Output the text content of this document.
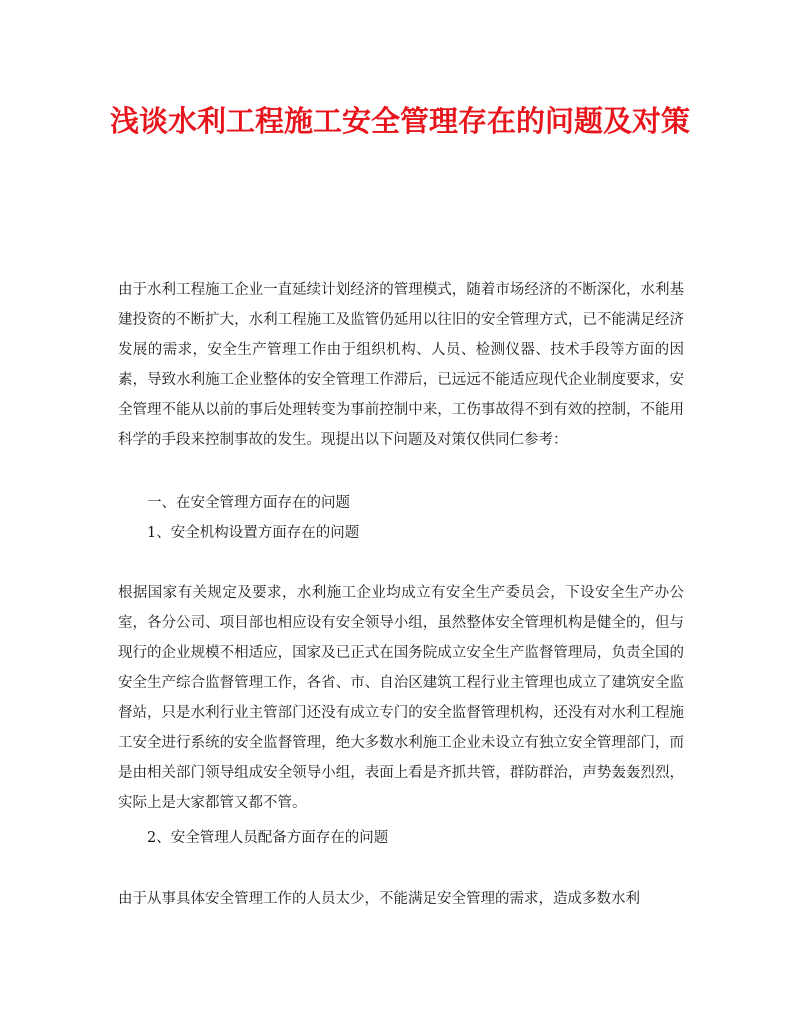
浅谈水利工程施工安全管理存在的问题及对策

由于水利工程施工企业一直延续计划经济的管理模式，随着市场经济的不断深化，水利基建投资的不断扩大，水利工程施工及监管仍延用以往旧的安全管理方式，已不能满足经济发展的需求，安全生产管理工作由于组织机构、人员、检测仪器、技术手段等方面的因素，导致水利施工企业整体的安全管理工作滞后，已远远不能适应现代企业制度要求，安全管理不能从以前的事后处理转变为事前控制中来，工伤事故得不到有效的控制，不能用科学的手段来控制事故的发生。现提出以下问题及对策仅供同仁参考：

一、在安全管理方面存在的问题

1、安全机构设置方面存在的问题

根据国家有关规定及要求，水利施工企业均成立有安全生产委员会，下设安全生产办公室，各分公司、项目部也相应设有安全领导小组，虽然整体安全管理机构是健全的，但与现行的企业规模不相适应，国家及已正式在国务院成立安全生产监督管理局，负责全国的安全生产综合监督管理工作，各省、市、自治区建筑工程行业主管理也成立了建筑安全监督站，只是水利行业主管部门还没有成立专门的安全监督管理机构，还没有对水利工程施工安全进行系统的安全监督管理，绝大多数水利施工企业未设立有独立安全管理部门，而是由相关部门领导组成安全领导小组，表面上看是齐抓共管，群防群治，声势轰轰烈烈，实际上是大家都管又都不管。

2、安全管理人员配备方面存在的问题

由于从事具体安全管理工作的人员太少，不能满足安全管理的需求，造成多数水利
